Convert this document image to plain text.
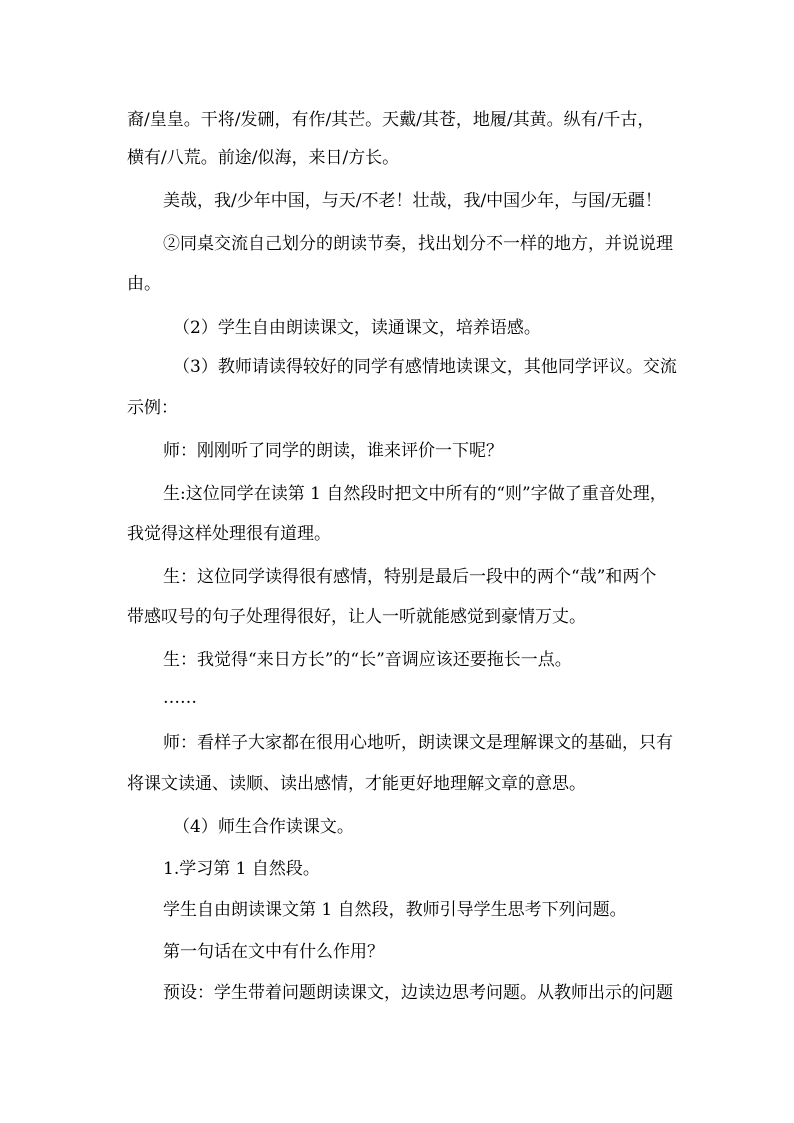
裔/皇皇。干将/发硎，有作/其芒。天戴/其苍，地履/其黄。纵有/千古，
横有/八荒。前途/似海，来日/方长。
美哉，我/少年中国，与天/不老！壮哉，我/中国少年，与国/无疆！
②同桌交流自己划分的朗读节奏，找出划分不一样的地方，并说说理
由。
（2）学生自由朗读课文，读通课文，培养语感。
（3）教师请读得较好的同学有感情地读课文，其他同学评议。交流
示例：
师：刚刚听了同学的朗读，谁来评价一下呢？
生:这位同学在读第 1 自然段时把文中所有的“则”字做了重音处理，
我觉得这样处理很有道理。
生：这位同学读得很有感情，特别是最后一段中的两个“哉”和两个
带感叹号的句子处理得很好，让人一听就能感觉到豪情万丈。
生：我觉得“来日方长”的“长”音调应该还要拖长一点。
……
师：看样子大家都在很用心地听，朗读课文是理解课文的基础，只有
将课文读通、读顺、读出感情，才能更好地理解文章的意思。
（4）师生合作读课文。
1.学习第 1 自然段。
学生自由朗读课文第 1 自然段，教师引导学生思考下列问题。
第一句话在文中有什么作用？
预设：学生带着问题朗读课文，边读边思考问题。从教师出示的问题
